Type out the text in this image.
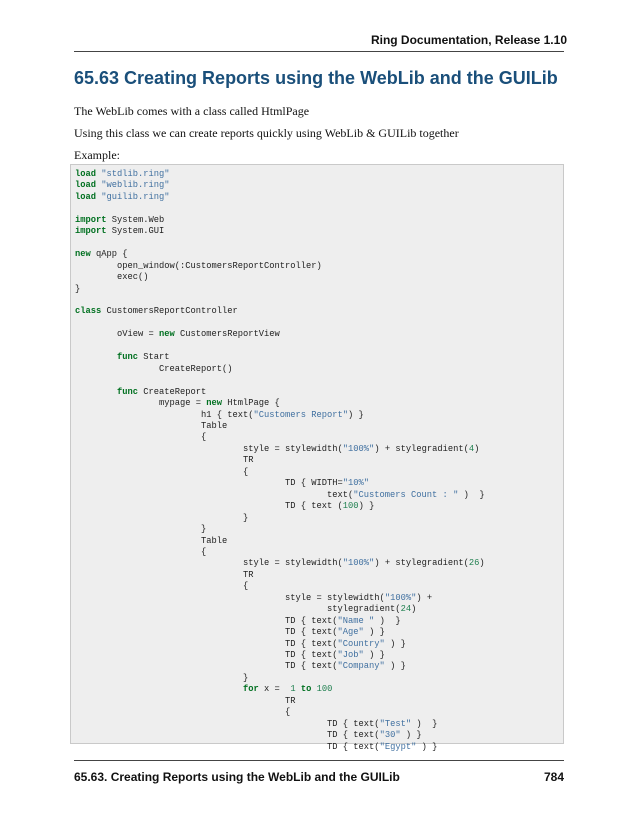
Ring Documentation, Release 1.10
65.63 Creating Reports using the WebLib and the GUILib
The WebLib comes with a class called HtmlPage
Using this class we can create reports quickly using WebLib & GUILib together
Example:
load "stdlib.ring"
load "weblib.ring"
load "guilib.ring"

import System.Web
import System.GUI

new qApp {
open_window(:CustomersReportController)
exec()
}

class CustomersReportController

oView = new CustomersReportView

func Start
CreateReport()

func CreateReport
mypage = new HtmlPage {
h1 { text("Customers Report") }
Table
{
style = stylewidth("100%") + stylegradient(4)
TR
{
TD { WIDTH="10%"
text("Customers Count : " )  }
TD { text (100) }
}
}
Table
{
style = stylewidth("100%") + stylegradient(26)
TR
{
style = stylewidth("100%") +
stylegradient(24)
TD { text("Name " )  }
TD { text("Age" ) }
TD { text("Country" ) }
TD { text("Job" ) }
TD { text("Company" ) }
}
for x =  1 to 100
TR
{
TD { text("Test" )  }
TD { text("30" ) }
TD { text("Egypt" ) }

65.63. Creating Reports using the WebLib and the GUILib	784
